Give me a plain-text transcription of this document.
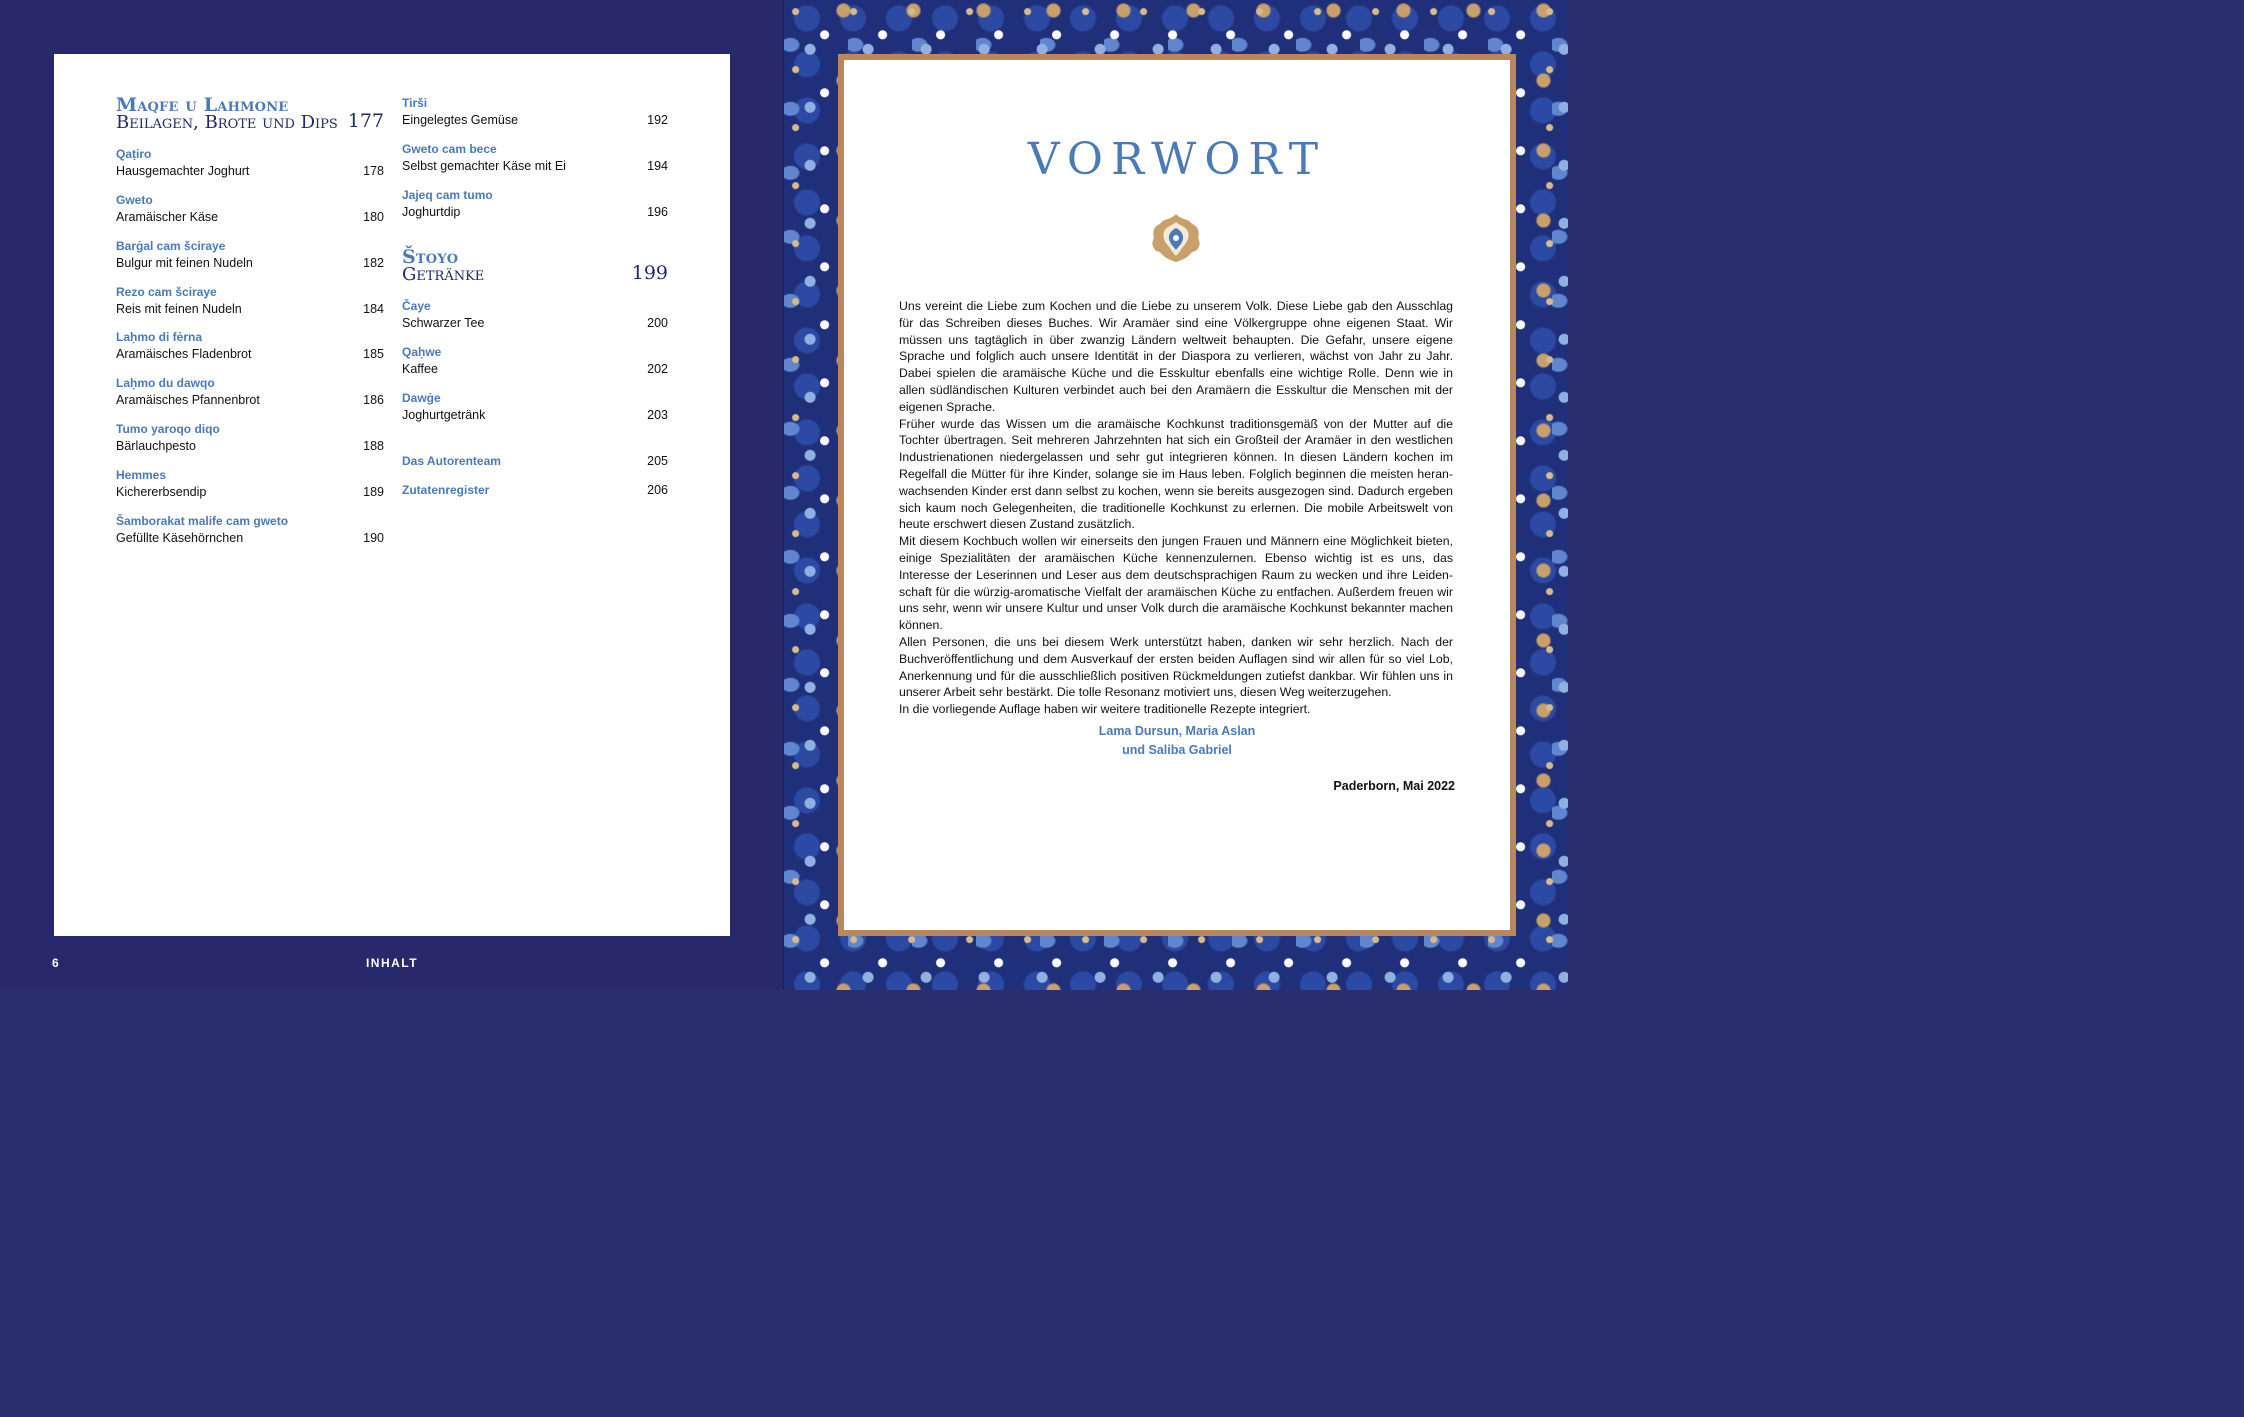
Maqfe u Lahmone
Beilagen, Brote und Dips 177
Qaṭiro
Hausgemachter Joghurt	178
Gweto
Aramäischer Käse	180
Barġal cam šciraye
Bulgur mit feinen Nudeln	182
Rezo cam šciraye
Reis mit feinen Nudeln	184
Laḥmo di fėrna
Aramäisches Fladenbrot	185
Laḥmo du dawqo
Aramäisches Pfannenbrot	186
Tumo yaroqo diqo
Bärlauchpesto	188
Hemmes
Kichererbsendip	189
Šamborakat malife cam gweto
Gefüllte Käsehörnchen	190
Tirši
Eingelegtes Gemüse	192
Gweto cam bece
Selbst gemachter Käse mit Ei	194
Jajeq cam tumo
Joghurtdip	196
Štoyo
Getränke	199
Čaye
Schwarzer Tee	200
Qaḥwe
Kaffee	202
Dawġe
Joghurtgetränk	203
Das Autorenteam	205
Zutatenregister	206
6	INHALT
VORWORT

Uns vereint die Liebe zum Kochen und die Liebe zu unserem Volk. Diese Liebe gab den Ausschlag für das Schreiben dieses Buches. Wir Aramäer sind eine Völkergruppe ohne eigenen Staat. Wir müssen uns tagtäglich in über zwanzig Ländern weltweit behaupten. Die Gefahr, unsere eigene Sprache und folglich auch unsere Identität in der Diaspora zu verlieren, wächst von Jahr zu Jahr. Dabei spielen die aramäische Küche und die Esskultur ebenfalls eine wichtige Rolle. Denn wie in allen südländischen Kulturen verbindet auch bei den Aramäern die Esskultur die Menschen mit der eigenen Sprache.

Früher wurde das Wissen um die aramäische Kochkunst traditionsgemäß von der Mutter auf die Tochter übertragen. Seit mehreren Jahrzehnten hat sich ein Großteil der Aramäer in den westlichen Industrienationen niedergelassen und sehr gut integrieren können. In diesen Ländern kochen im Regelfall die Mütter für ihre Kinder, solange sie im Haus leben. Folglich beginnen die meisten heranwachsenden Kinder erst dann selbst zu kochen, wenn sie bereits ausgezogen sind. Dadurch ergeben sich kaum noch Gelegenheiten, die traditionelle Kochkunst zu erlernen. Die mobile Arbeitswelt von heute erschwert diesen Zustand zusätzlich.

Mit diesem Kochbuch wollen wir einerseits den jungen Frauen und Männern eine Möglichkeit bieten, einige Spezialitäten der aramäischen Küche kennenzulernen. Ebenso wichtig ist es uns, das Interesse der Leserinnen und Leser aus dem deutschsprachigen Raum zu wecken und ihre Leidenschaft für die würzig-aromatische Vielfalt der aramäischen Küche zu entfachen. Außerdem freuen wir uns sehr, wenn wir unsere Kultur und unser Volk durch die aramäische Kochkunst bekannter machen können.

Allen Personen, die uns bei diesem Werk unterstützt haben, danken wir sehr herzlich. Nach der Buchveröffentlichung und dem Ausverkauf der ersten beiden Auflagen sind wir allen für so viel Lob, Anerkennung und für die ausschließlich positiven Rückmeldungen zutiefst dankbar. Wir fühlen uns in unserer Arbeit sehr bestärkt. Die tolle Resonanz motiviert uns, diesen Weg weiterzugehen.

In die vorliegende Auflage haben wir weitere traditionelle Rezepte integriert.

Lama Dursun, Maria Aslan
und Saliba Gabriel
Paderborn, Mai 2022
